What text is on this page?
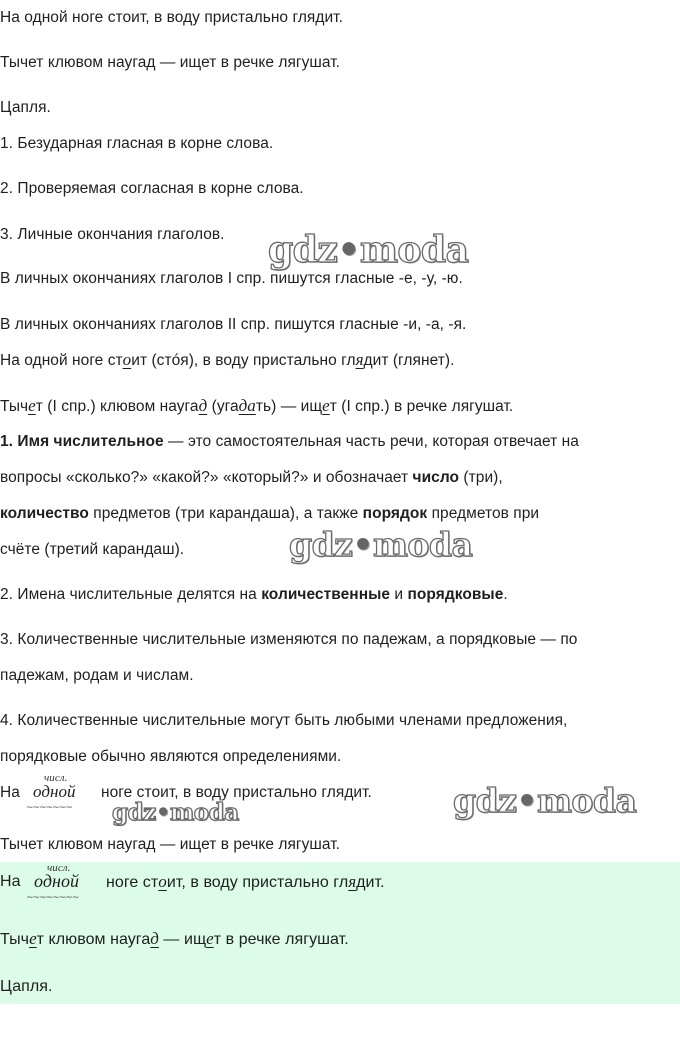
На одной ноге стоит, в воду пристально глядит.
Тычет клювом наугад — ищет в речке лягушат.
Цапля.
1. Безударная гласная в корне слова.
2. Проверяемая согласная в корне слова.
3. Личные окончания глаголов.
В личных окончаниях глаголов I спр. пишутся гласные -е, -у, -ю.
В личных окончаниях глаголов II спр. пишутся гласные -и, -а, -я.
На одной ноге стоит (стóя), в воду пристально глядит (глянет).
Тычет (I спр.) клювом наугад (угадать) — ищет (I спр.) в речке лягушат.
1. Имя числительное — это самостоятельная часть речи, которая отвечает на
вопросы «сколько?» «какой?» «который?» и обозначает число (три),
количество предметов (три карандаша), а также порядок предметов при
счёте (третий карандаш).
2. Имена числительные делятся на количественные и порядковые.
3. Количественные числительные изменяются по падежам, а порядковые — по
падежам, родам и числам.
4. Количественные числительные могут быть любыми членами предложения,
порядковые обычно являются определениями.
На
числ.
одной
~~~~~~~
ноге стоит, в воду пристально глядит.
Тычет клювом наугад — ищет в речке лягушат.
На
числ.
одной
~~~~~~~~
ноге стоит, в воду пристально глядит.
Тычет клювом наугад — ищет в речке лягушат.
Цапля.
gdz•moda
gdz•moda
gdz•moda
gdz•moda
